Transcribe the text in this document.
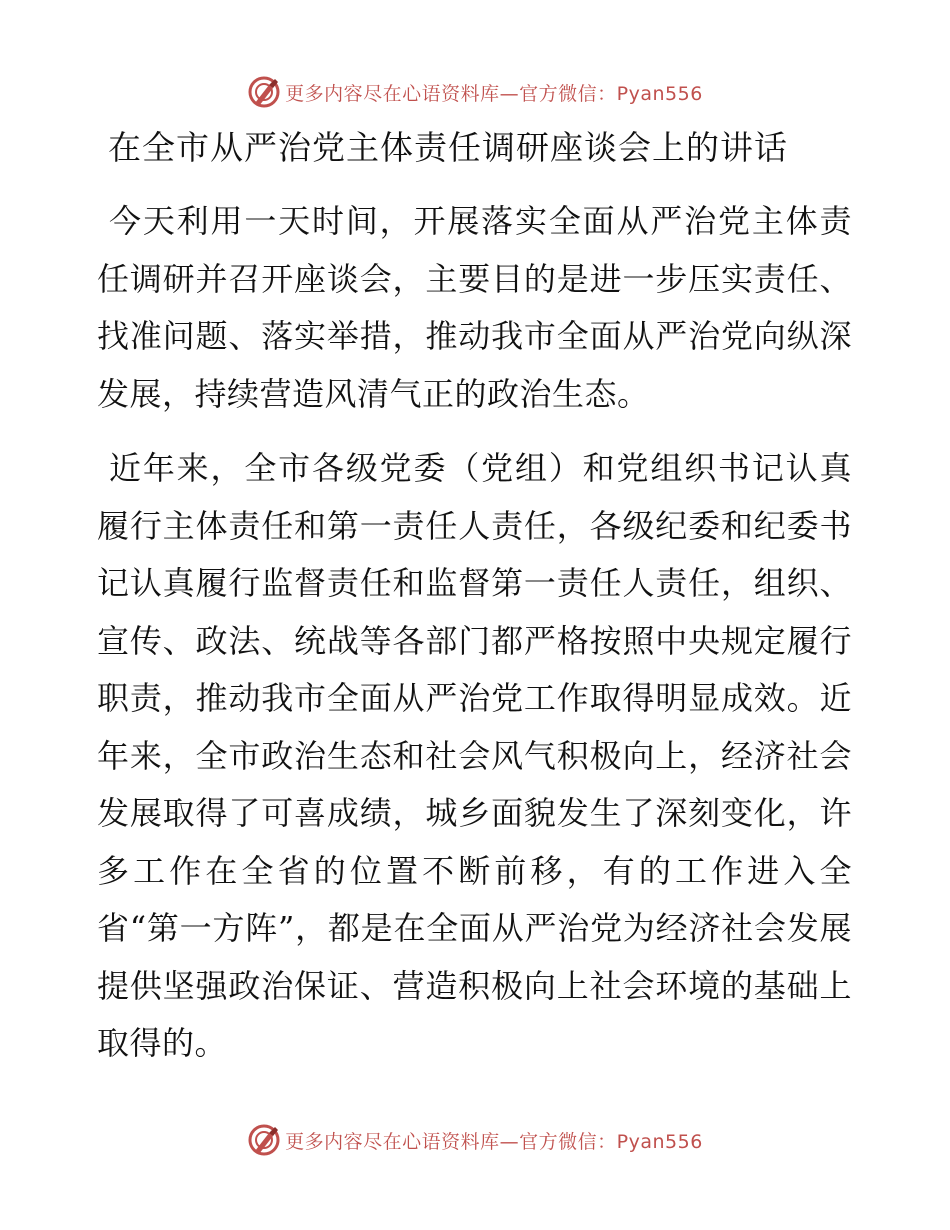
更多内容尽在心语资料库—官方微信：Pyan556
在全市从严治党主体责任调研座谈会上的讲话

今天利用一天时间，开展落实全面从严治党主体责任调研并召开座谈会，主要目的是进一步压实责任、找准问题、落实举措，推动我市全面从严治党向纵深发展，持续营造风清气正的政治生态。

近年来，全市各级党委（党组）和党组织书记认真履行主体责任和第一责任人责任，各级纪委和纪委书记认真履行监督责任和监督第一责任人责任，组织、宣传、政法、统战等各部门都严格按照中央规定履行职责，推动我市全面从严治党工作取得明显成效。近年来，全市政治生态和社会风气积极向上，经济社会发展取得了可喜成绩，城乡面貌发生了深刻变化，许多工作在全省的位置不断前移，有的工作进入全省“第一方阵”，都是在全面从严治党为经济社会发展提供坚强政治保证、营造积极向上社会环境的基础上取得的。

更多内容尽在心语资料库—官方微信：Pyan556
